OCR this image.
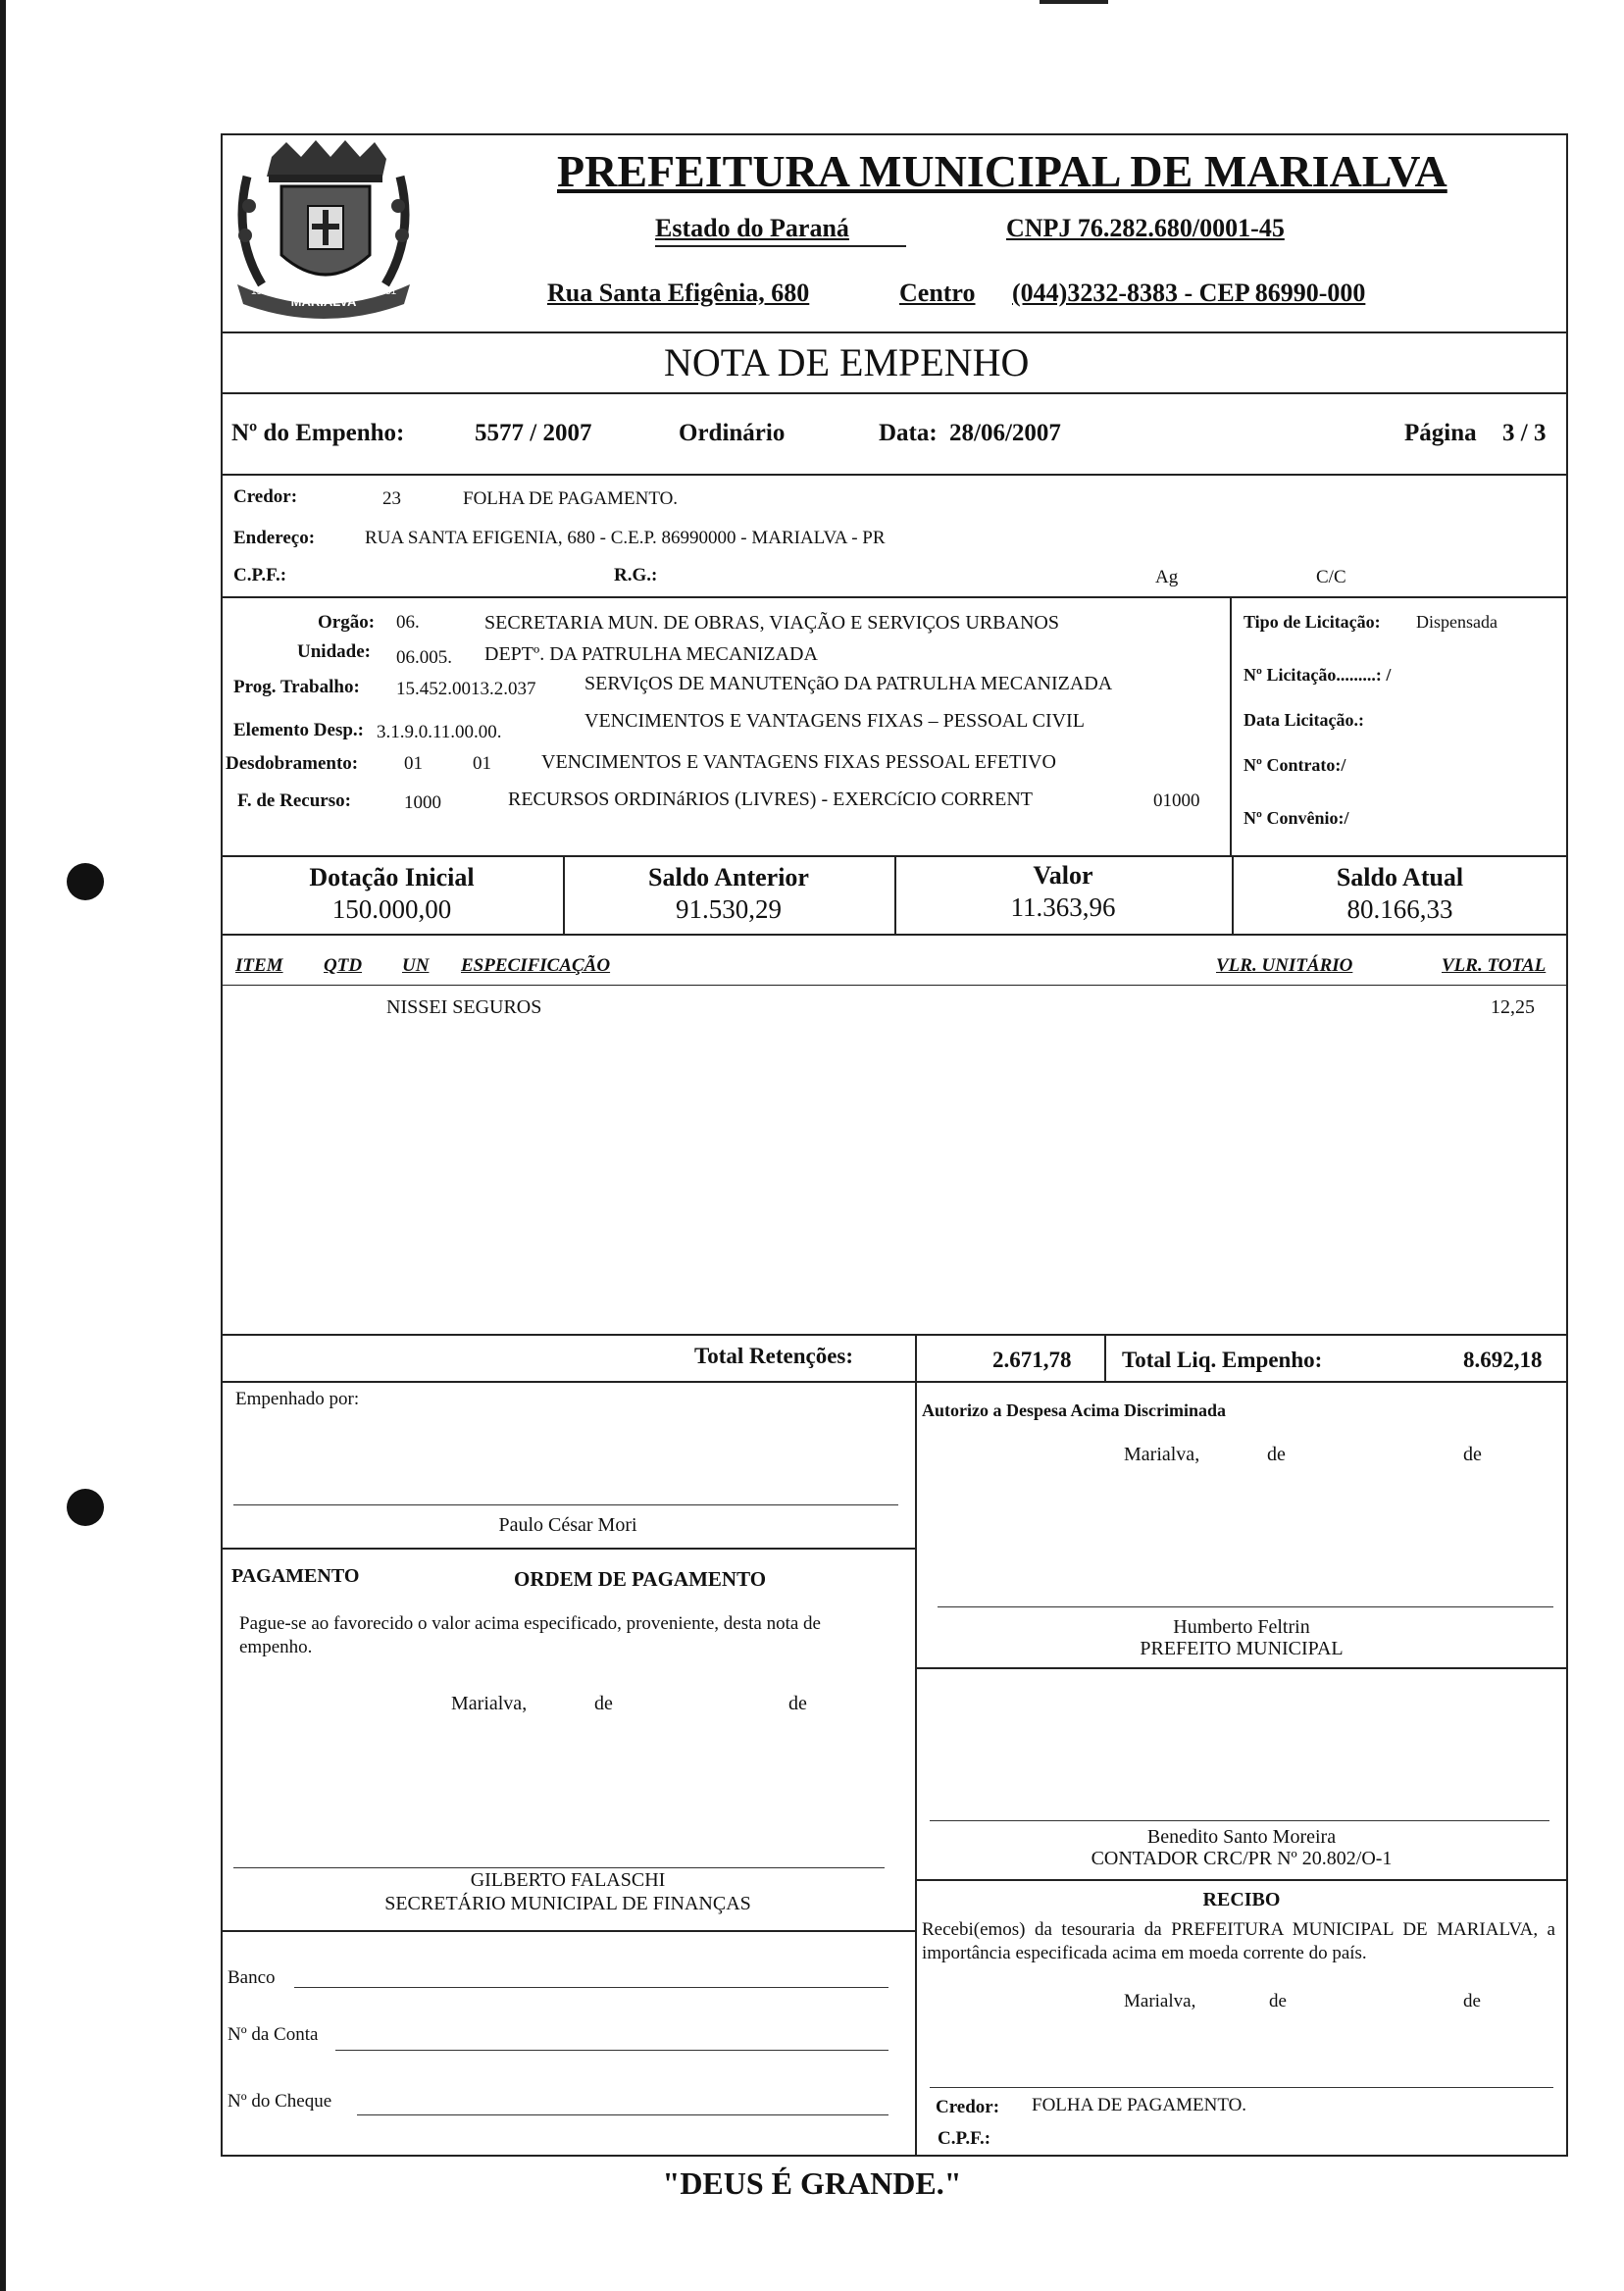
MARIALVA
1951	1951
PREFEITURA MUNICIPAL DE MARIALVA
Estado do Paraná	CNPJ 76.282.680/0001-45
Rua Santa Efigênia, 680	Centro (044)3232-8383 - CEP 86990-000
NOTA DE EMPENHO
Nº do Empenho:	5577 / 2007	Ordinário	Data: 28/06/2007	Página 3 / 3
Credor:	23	FOLHA DE PAGAMENTO.
Endereço:	RUA SANTA EFIGENIA, 680 - C.E.P. 86990000 - MARIALVA - PR
C.P.F.:	R.G.:	Ag	C/C
Orgão: 06.	SECRETARIA MUN. DE OBRAS, VIAÇÃO E SERVIÇOS URBANOS
Unidade: 06.005. DEPTº. DA PATRULHA MECANIZADA
Prog. Trabalho: 15.452.0013.2.037 SERVIçOS DE MANUTENçãO DA PATRULHA MECANIZADA
Elemento Desp.: 3.1.9.0.11.00.00.
VENCIMENTOS E VANTAGENS FIXAS – PESSOAL CIVIL
Desdobramento: 01	01	VENCIMENTOS E VANTAGENS FIXAS PESSOAL EFETIVO
F. de Recurso:	1000	RECURSOS ORDINáRIOS (LIVRES) - EXERCíCIO CORRENT	01000
Tipo de Licitação: Dispensada
Nº Licitação.........: /
Data Licitação.:
Nº Contrato:/
Nº Convênio:/
Dotação Inicial
150.000,00
Saldo Anterior
91.530,29
Valor
11.363,96
Saldo Atual
80.166,33
ITEM QTD UN ESPECIFICAÇÃO	VLR. UNITÁRIO	VLR. TOTAL
NISSEI SEGUROS	12,25
Total Retenções:	2.671,78 Total Liq. Empenho:	8.692,18
Empenhado por:
Paulo César Mori
PAGAMENTO	ORDEM DE PAGAMENTO
Pague-se ao favorecido o valor acima especificado, proveniente, desta nota de empenho.
Marialva,	de	de
GILBERTO FALASCHI
SECRETÁRIO MUNICIPAL DE FINANÇAS
Banco
Nº da Conta
Nº do Cheque
Autorizo a Despesa Acima Discriminada
Marialva,	de	de
Humberto Feltrin
PREFEITO MUNICIPAL
Benedito Santo Moreira
CONTADOR CRC/PR Nº 20.802/O-1
RECIBO
Recebi(emos) da tesouraria da PREFEITURA MUNICIPAL DE MARIALVA, a importância especificada acima em moeda corrente do país.
Marialva,	de	de
Credor: FOLHA DE PAGAMENTO.
C.P.F.:
"DEUS É GRANDE."
